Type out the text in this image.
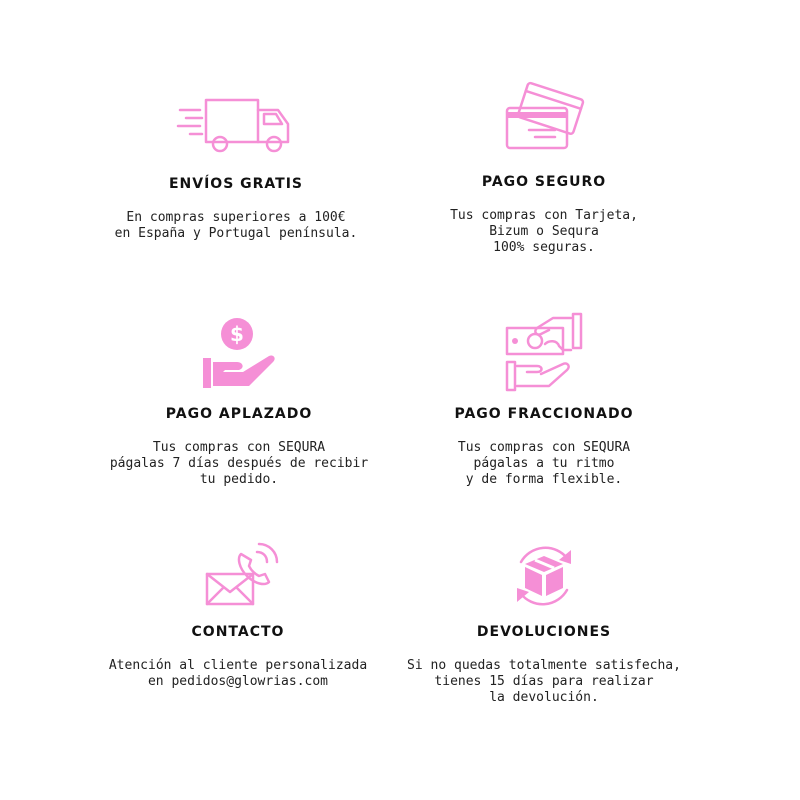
ENVÍOS GRATIS

En compras superiores a 100€
en España y Portugal península.

PAGO SEGURO

Tus compras con Tarjeta,
Bizum o Sequra
100% seguras.

$
PAGO APLAZADO

Tus compras con SEQURA
págalas 7 días después de recibir
tu pedido.

PAGO FRACCIONADO

Tus compras con SEQURA
págalas a tu ritmo
y de forma flexible.

CONTACTO

Atención al cliente personalizada
en pedidos@glowrias.com

DEVOLUCIONES

Si no quedas totalmente satisfecha,
tienes 15 días para realizar
la devolución.
